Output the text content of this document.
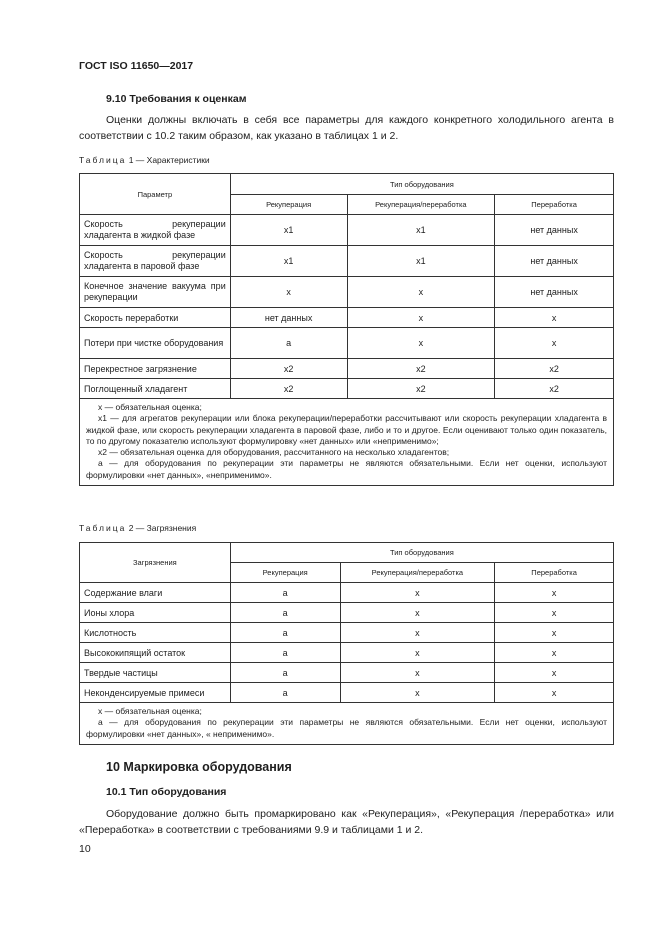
ГОСТ ISO 11650—2017
9.10 Требования к оценкам

Оценки должны включать в себя все параметры для каждого конкретного холодильного агента в соответствии с 10.2 таким образом, как указано в таблицах 1 и 2.

Таблица 1 — Характеристики
Параметр	Тип оборудования		
	Рекуперация	Рекуперация/переработка	Переработка
Скорость рекуперации хладагента в жидкой фазе	x1	x1	нет данных
Скорость рекуперации хладагента в паровой фазе	x1	x1	нет данных
Конечное значение вакуума при рекуперации	x	x	нет данных
Скорость переработки	нет данных	x	x
Потери при чистке оборудования	a	x	x
Перекрестное загрязнение	x2	x2	x2
Поглощенный хладагент	x2	x2	x2

x — обязательная оценка;

x1 — для агрегатов рекуперации или блока рекуперации/переработки рассчитывают или скорость рекуперации хладагента в жидкой фазе, или скорость рекуперации хладагента в паровой фазе, либо и то и другое. Если оценивают только один показатель, то по другому показателю используют формулировку «нет данных» или «неприменимо»;

x2 — обязательная оценка для оборудования, рассчитанного на несколько хладагентов;

a — для оборудования по рекуперации эти параметры не являются обязательными. Если нет оценки, используют формулировки «нет данных», «неприменимо».			

Таблица 2 — Загрязнения
Загрязнения	Тип оборудования		
	Рекуперация	Рекуперация/переработка	Переработка
Содержание влаги	a	x	x
Ионы хлора	a	x	x
Кислотность	a	x	x
Высококипящий остаток	a	x	x
Твердые частицы	a	x	x
Неконденсируемые примеси	a	x	x

x — обязательная оценка;

a — для оборудования по рекуперации эти параметры не являются обязательными. Если нет оценки, используют формулировки «нет данных», « неприменимо».			

10 Маркировка оборудования
10.1 Тип оборудования

Оборудование должно быть промаркировано как «Рекуперация», «Рекуперация /переработка» или «Переработка» в соответствии с требованиями 9.9 и таблицами 1 и 2.

10
